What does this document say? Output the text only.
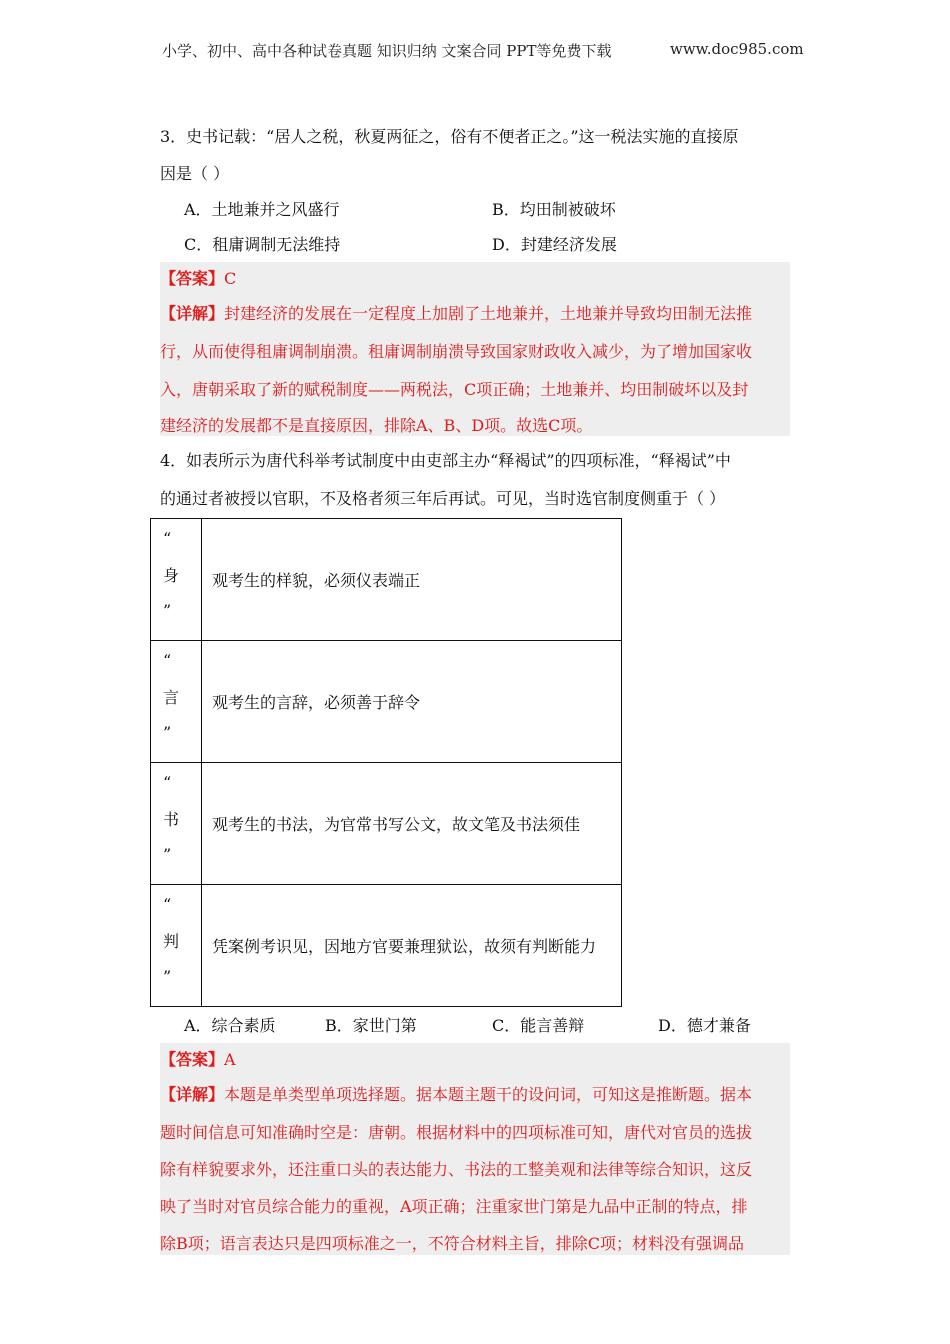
小学、初中、高中各种试卷真题 知识归纳 文案合同 PPT等免费下载	www.doc985.com
3．史书记载：“居人之税，秋夏两征之，俗有不便者正之。”这一税法实施的直接原
因是（ ）
A．土地兼并之风盛行	B．均田制被破坏
C．租庸调制无法维持	D．封建经济发展
【答案】C
【详解】封建经济的发展在一定程度上加剧了土地兼并，土地兼并导致均田制无法推
行，从而使得租庸调制崩溃。租庸调制崩溃导致国家财政收入减少，为了增加国家收
入，唐朝采取了新的赋税制度——两税法，C项正确；土地兼并、均田制破坏以及封
建经济的发展都不是直接原因，排除A、B、D项。故选C项。
4．如表所示为唐代科举考试制度中由吏部主办“释褐试”的四项标准，“释褐试”中
的通过者被授以官职，不及格者须三年后再试。可见，当时选官制度侧重于（ ）
“
身
”	观考生的样貌，必须仪表端正

“
言
”	观考生的言辞，必须善于辞令

“
书
”	观考生的书法，为官常书写公文，故文笔及书法须佳

“
判
”	凭案例考识见，因地方官要兼理狱讼，故须有判断能力
A．综合素质	B．家世门第	C．能言善辩	D．德才兼备
【答案】A
【详解】本题是单类型单项选择题。据本题主题干的设问词，可知这是推断题。据本
题时间信息可知准确时空是：唐朝。根据材料中的四项标准可知，唐代对官员的选拔
除有样貌要求外，还注重口头的表达能力、书法的工整美观和法律等综合知识，这反
映了当时对官员综合能力的重视，A项正确；注重家世门第是九品中正制的特点，排
除B项；语言表达只是四项标准之一，不符合材料主旨，排除C项；材料没有强调品
